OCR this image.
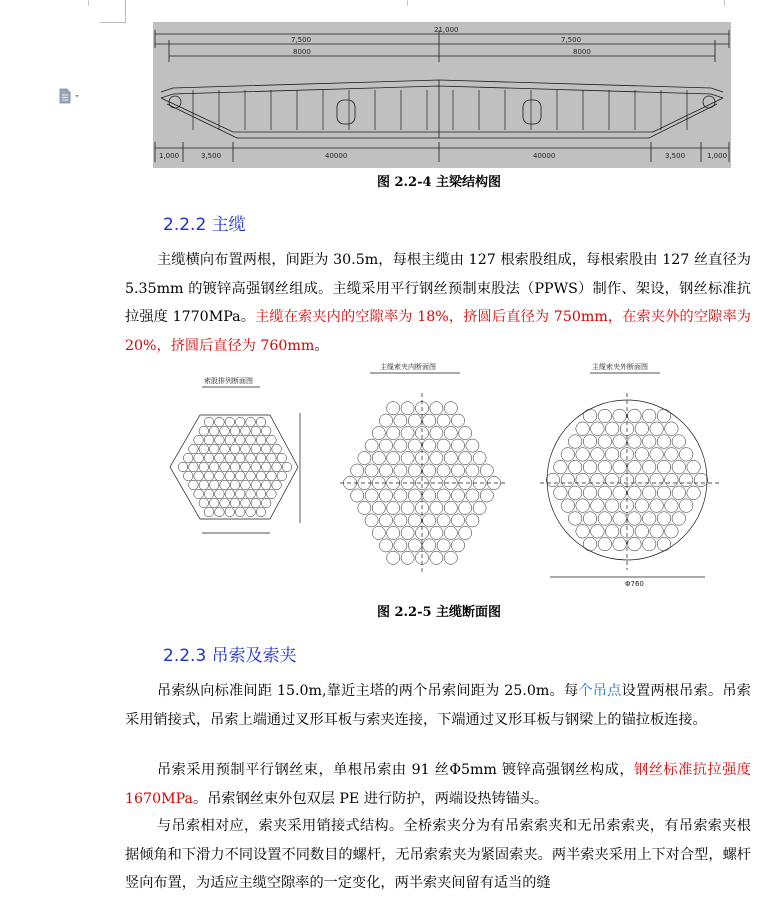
21,000
7,500	7,500
8000	8000
1,000	3,500	40000	40000	3,500	1,000
图 2.2-4 主梁结构图
2.2.2 主缆
主缆横向布置两根，间距为 30.5m，每根主缆由 127 根索股组成，每根索股由 127 丝直径为 5.35mm 的镀锌高强钢丝组成。主缆采用平行钢丝预制束股法（PPWS）制作、架设，钢丝标准抗拉强度 1770MPa。主缆在索夹内的空隙率为 18%，挤圆后直径为 750mm，在索夹外的空隙率为 20%，挤圆后直径为 760mm。
索股排列断面图
主缆索夹内断面图	主缆索夹外断面图
Φ760
图 2.2-5 主缆断面图
2.2.3 吊索及索夹
吊索纵向标准间距 15.0m,靠近主塔的两个吊索间距为 25.0m。每个吊点设置两根吊索。吊索采用销接式，吊索上端通过叉形耳板与索夹连接，下端通过叉形耳板与钢梁上的锚拉板连接。
吊索采用预制平行钢丝束，单根吊索由 91 丝Φ5mm 镀锌高强钢丝构成，钢丝标准抗拉强度 1670MPa。吊索钢丝束外包双层 PE 进行防护，两端设热铸锚头。
与吊索相对应，索夹采用销接式结构。全桥索夹分为有吊索索夹和无吊索索夹，有吊索索夹根据倾角和下滑力不同设置不同数目的螺杆，无吊索索夹为紧固索夹。两半索夹采用上下对合型，螺杆竖向布置，为适应主缆空隙率的一定变化，两半索夹间留有适当的缝
